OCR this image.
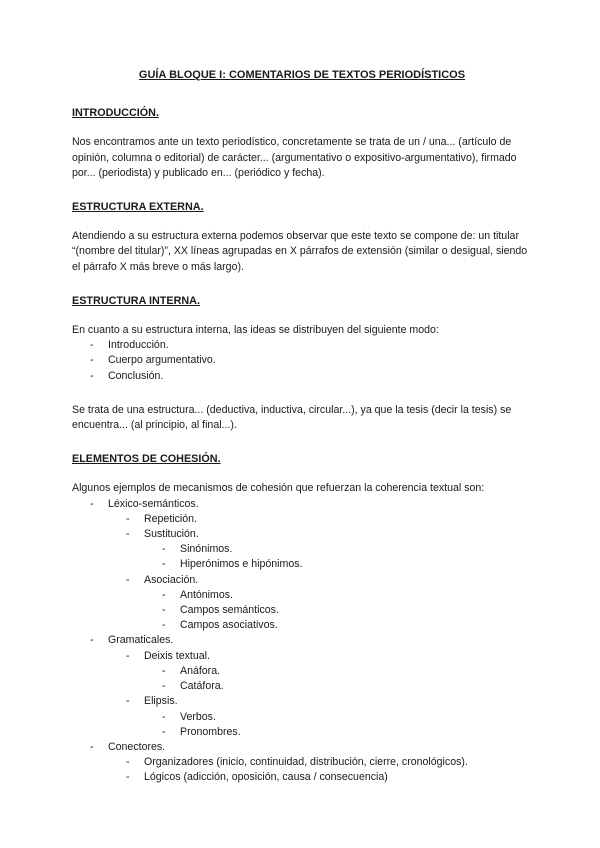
GUÍA BLOQUE I: COMENTARIOS DE TEXTOS PERIODÍSTICOS
INTRODUCCIÓN.
Nos encontramos ante un texto periodístico, concretamente se trata de un / una... (artículo de opinión, columna o editorial) de carácter... (argumentativo o expositivo-argumentativo), firmado por... (periodista) y publicado en... (periódico y fecha).
ESTRUCTURA EXTERNA.
Atendiendo a su estructura externa podemos observar que este texto se compone de: un titular “(nombre del titular)”, XX líneas agrupadas en X párrafos de extensión (similar o desigual, siendo el párrafo X más breve o más largo).
ESTRUCTURA INTERNA.
En cuanto a su estructura interna, las ideas se distribuyen del siguiente modo:
- Introducción.
- Cuerpo argumentativo.
- Conclusión.
Se trata de una estructura... (deductiva, inductiva, circular...), ya que la tesis (decir la tesis) se encuentra... (al principio, al final...).
ELEMENTOS DE COHESIÓN.
Algunos ejemplos de mecanismos de cohesión que refuerzan la coherencia textual son:
- Léxico-semánticos.
- Repetición.
- Sustitución.
- Sinónimos.
- Hiperónimos e hipónimos.
- Asociación.
- Antónimos.
- Campos semánticos.
- Campos asociativos.
- Gramaticales.
- Deixis textual.
- Anáfora.
- Catáfora.
- Elipsis.
- Verbos.
- Pronombres.
- Conectores.
- Organizadores (inicio, continuidad, distribución, cierre, cronológicos).
- Lógicos (adicción, oposición, causa / consecuencia)
